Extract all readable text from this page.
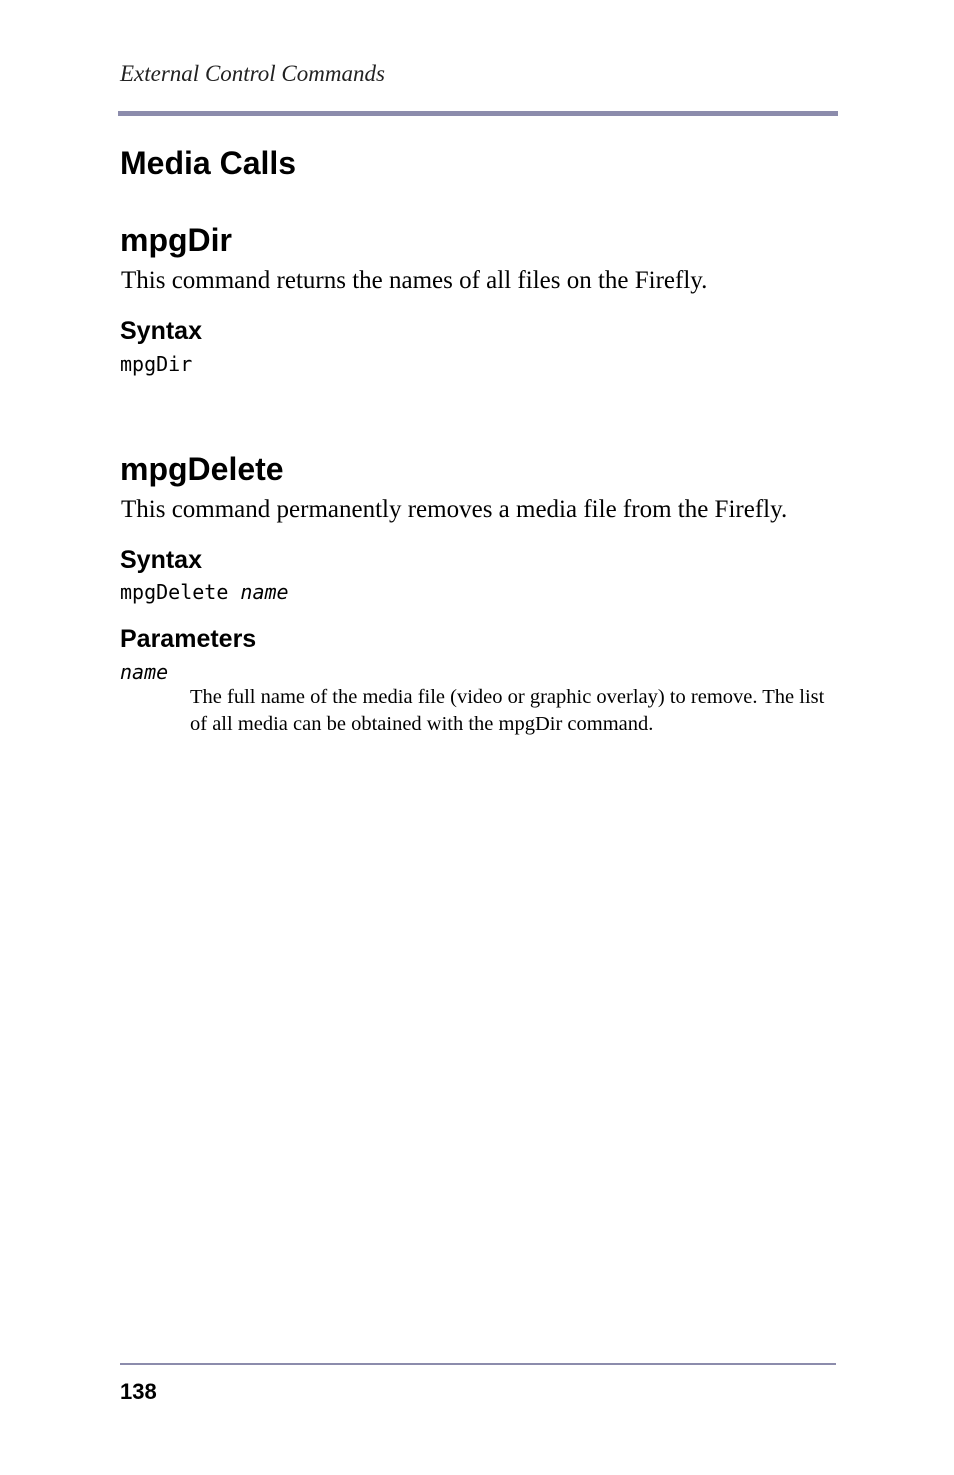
External Control Commands
Media Calls
mpgDir

This command returns the names of all files on the Firefly.

Syntax

mpgDir

mpgDelete

This command permanently removes a media file from the Firefly.

Syntax

mpgDelete name

Parameters

name

The full name of the media file (video or graphic overlay) to remove. The list of all media can be obtained with the mpgDir command.

138
